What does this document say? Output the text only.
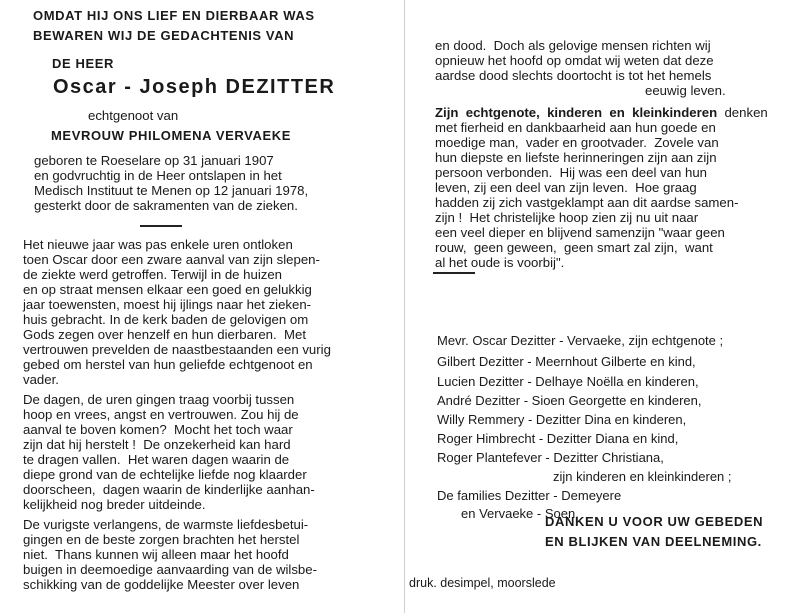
OMDAT HIJ ONS LIEF EN DIERBAAR WAS
BEWAREN WIJ DE GEDACHTENIS VAN
DE HEER
Oscar - Joseph DEZITTER
echtgenoot van
MEVROUW PHILOMENA VERVAEKE
geboren te Roeselare op 31 januari 1907
en godvruchtig in de Heer ontslapen in het
Medisch Instituut te Menen op 12 januari 1978,
gesterkt door de sakramenten van de zieken.
Het nieuwe jaar was pas enkele uren ontloken
toen Oscar door een zware aanval van zijn slepen-
de ziekte werd getroffen. Terwijl in de huizen
en op straat mensen elkaar een goed en gelukkig
jaar toewensten, moest hij ijlings naar het zieken-
huis gebracht. In de kerk baden de gelovigen om
Gods zegen over henzelf en hun dierbaren.  Met
vertrouwen prevelden de naastbestaanden een vurig
gebed om herstel van hun geliefde echtgenoot en
vader.
De dagen, de uren gingen traag voorbij tussen
hoop en vrees, angst en vertrouwen. Zou hij de
aanval te boven komen?  Mocht het toch waar
zijn dat hij herstelt !  De onzekerheid kan hard
te dragen vallen.  Het waren dagen waarin de
diepe grond van de echtelijke liefde nog klaarder
doorscheen,  dagen waarin de kinderlijke aanhan-
kelijkheid nog breder uitdeinde.
De vurigste verlangens, de warmste liefdesbetui-
gingen en de beste zorgen brachten het herstel
niet.  Thans kunnen wij alleen maar het hoofd
buigen in deemoedige aanvaarding van de wilsbe-
schikking van de goddelijke Meester over leven
en dood.  Doch als gelovige mensen richten wij
opnieuw het hoofd op omdat wij weten dat deze
aardse dood slechts doortocht is tot het hemels
eeuwig leven.
Zijn  echtgenote,  kinderen  en  kleinkinderen  denken
met fierheid en dankbaarheid aan hun goede en
moedige man,  vader en grootvader.  Zovele van
hun diepste en liefste herinneringen zijn aan zijn
persoon verbonden.  Hij was een deel van hun
leven, zij een deel van zijn leven.  Hoe graag
hadden zij zich vastgeklampt aan dit aardse samen-
zijn !  Het christelijke hoop zien zij nu uit naar
een veel dieper en blijvend samenzijn "waar geen
rouw,  geen geween,  geen smart zal zijn,  want
al het oude is voorbij".
Mevr. Oscar Dezitter - Vervaeke, zijn echtgenote ;
Gilbert Dezitter - Meernhout Gilberte en kind,
Lucien Dezitter - Delhaye Noëlla en kinderen,
André Dezitter - Sioen Georgette en kinderen,
Willy Remmery - Dezitter Dina en kinderen,
Roger Himbrecht - Dezitter Diana en kind,
Roger Plantefever - Dezitter Christiana,
zijn kinderen en kleinkinderen ;
De families Dezitter - Demeyere
en Vervaeke - Soen.
DANKEN U VOOR UW GEBEDEN
EN BLIJKEN VAN DEELNEMING.
druk. desimpel, moorslede
